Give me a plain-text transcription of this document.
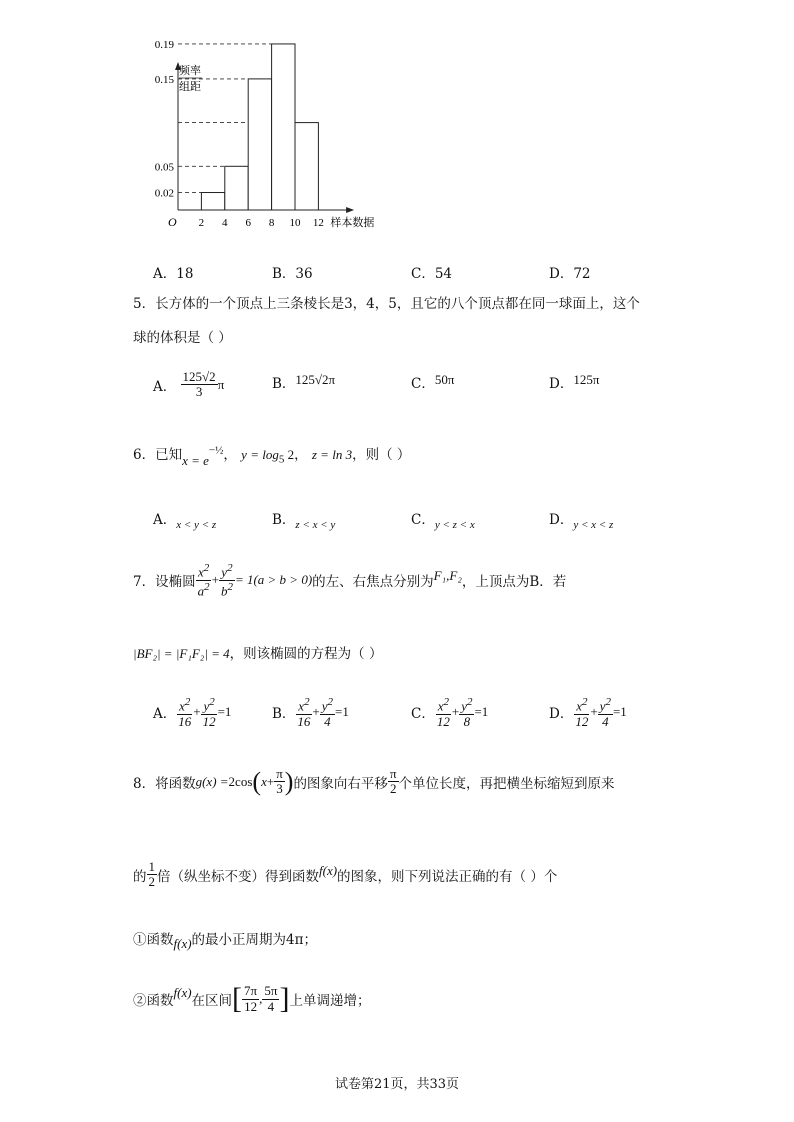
频率
组距
0.02
0.05
0.15
0.19
O 2 4 6 8 10 12 样本数据
A．18	B．36	C．54	D．72
5．长方体的一个顶点上三条棱长是3，4，5，且它的八个顶点都在同一球面上，这个
球的体积是（ ）
A． $\frac{125√2}{3}$ π	B．125√2π	C．50π	D．125π
6．已知$x = e^{-\frac{1}{2}}$， $y = \log_5 2$， z = ln 3，则（ ）
A．$_{x < y < z}$	B．$_{z < x < y}$	C．$_{y < z < x}$	D．$_{y < x < z}$
7．设椭圆 $\frac{x^2}{a^2} + \frac{y^2}{b^2} = 1(a > b > 0)$ 的左、右焦点分别为 F₁,F₂ ，上顶点为B．若
|BF₂| = |F₁F₂| = 4，则该椭圆的方程为（ ）
A． $\frac{x^2}{16} + \frac{y^2}{12} =1$	B． $\frac{x^2}{16} + \frac{y^2}{4} =1$	C． $\frac{x^2}{12} + \frac{y^2}{8} =1$	D． $\frac{x^2}{12} + \frac{y^2}{4} =1$
8．将函数 g(x) = 2cos ( $x + \frac{\pi}{3}$ ) 的图象向右平移 $\frac{\pi}{2}$ 个单位长度，再把横坐标缩短到原来
的 $\frac{1}{2}$ 倍（纵坐标不变）得到函数 f(x) 的图象，则下列说法正确的有（ ）个
①函数f(x)的最小正周期为4π；
②函数
f(x)
在区间 [ $\frac{7\pi}{12}$ , $\frac{5\pi}{4}$ ] 上单调递增；
试卷第21页，共33页
